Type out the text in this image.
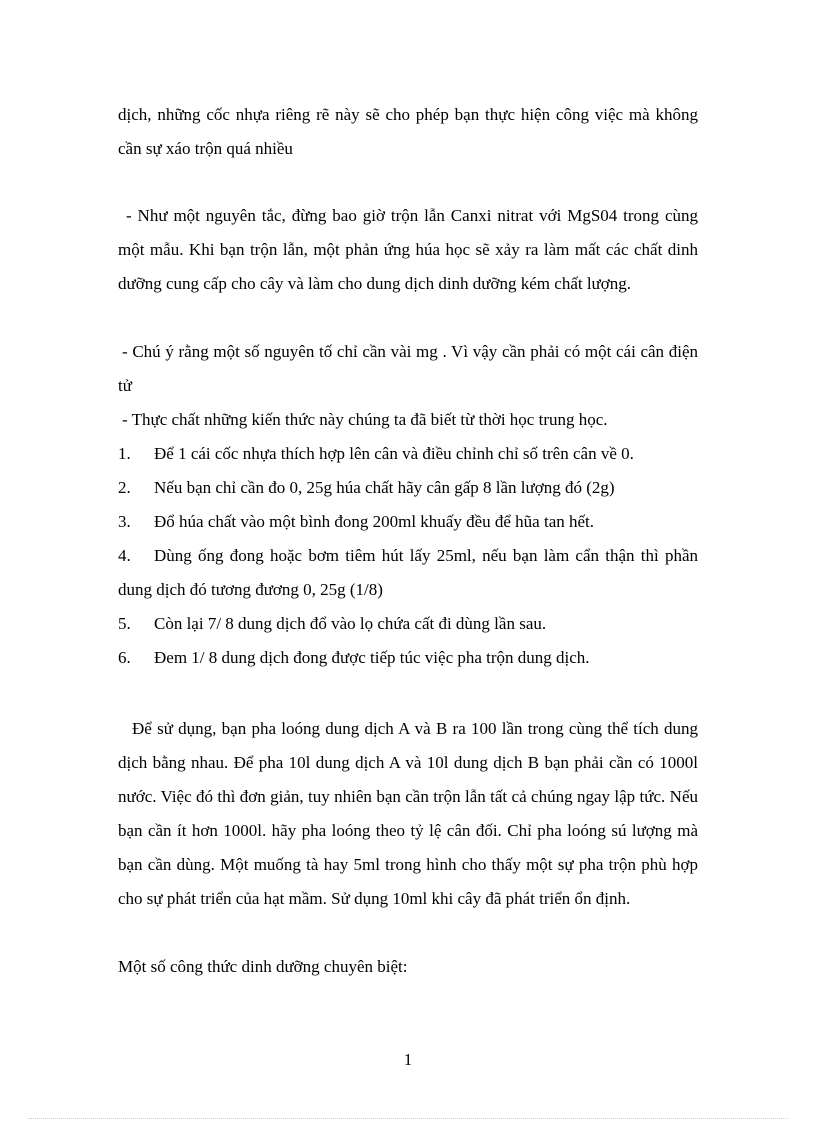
dịch, những cốc nhựa riêng rẽ này sẽ cho phép bạn thực hiện công việc mà không cần sự xáo trộn quá nhiều

- Như một nguyên tắc, đừng bao giờ trộn lẫn Canxi nitrat với MgS04 trong cùng một mẫu. Khi bạn trộn lẫn, một phản ứng húa học sẽ xảy ra làm mất các chất dinh dưỡng cung cấp cho cây và làm cho dung dịch dinh dưỡng kém chất lượng.

- Chú ý rằng một số nguyên tố chỉ cần vài mg . Vì vậy cần phải có một cái cân điện tử

- Thực chất những kiến thức này chúng ta đã biết từ thời học trung học.

1. Để 1 cái cốc nhựa thích hợp lên cân và điều chỉnh chỉ số trên cân về 0.

2. Nếu bạn chỉ cần đo 0, 25g húa chất hãy cân gấp 8 lần lượng đó (2g)

3. Đổ húa chất vào một bình đong 200ml khuấy đều để hũa tan hết.

4. Dùng ống đong hoặc bơm tiêm hút lấy 25ml, nếu bạn làm cẩn thận thì phần dung dịch đó tương đương 0, 25g (1/8)

5. Còn lại 7/ 8 dung dịch đổ vào lọ chứa cất đi dùng lần sau.

6. Đem 1/ 8 dung dịch đong được tiếp túc việc pha trộn dung dịch.

Để sử dụng, bạn pha loóng dung dịch A và B ra 100 lần trong cùng thể tích dung dịch bằng nhau. Để pha 10l dung dịch A và 10l dung dịch B bạn phải cần có 1000l nước. Việc đó thì đơn giản, tuy nhiên bạn cần trộn lẫn tất cả chúng ngay lập tức. Nếu bạn cần ít hơn 1000l. hãy pha loóng theo tỷ lệ cân đối. Chỉ pha loóng sú lượng mà bạn cần dùng. Một muống tà hay 5ml trong hình cho thấy một sự pha trộn phù hợp cho sự phát triển của hạt mầm. Sử dụng 10ml khi cây đã phát triển ổn định.

Một số công thức dinh dưỡng chuyên biệt:

1
